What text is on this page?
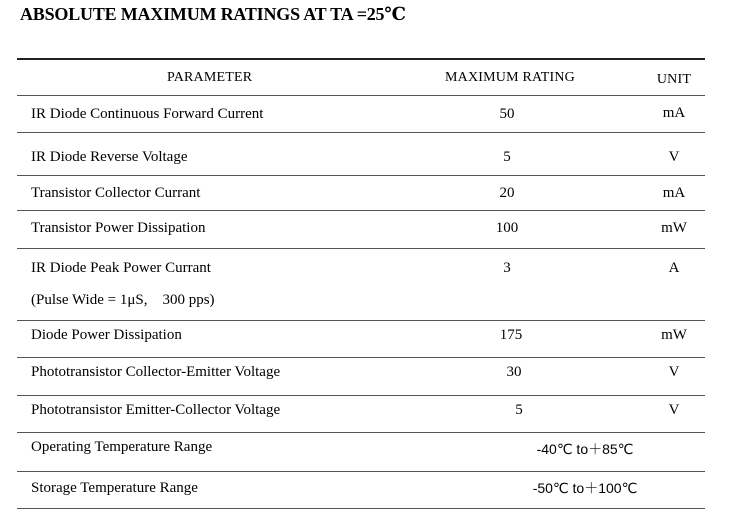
ABSOLUTE MAXIMUM RATINGS AT TA =25℃
PARAMETER	MAXIMUM RATING	UNIT
IR Diode Continuous Forward Current	50	mA
IR Diode Reverse Voltage	5	V
Transistor Collector Currant	20	mA
Transistor Power Dissipation	100	mW
IR Diode Peak Power Currant	3	A
(Pulse Wide = 1μS,    300 pps)
Diode Power Dissipation	175	mW
Phototransistor Collector-Emitter Voltage	30	V
Phototransistor Emitter-Collector Voltage	5	V
Operating Temperature Range	-40℃ to＋85℃
Storage Temperature Range	-50℃ to＋100℃
